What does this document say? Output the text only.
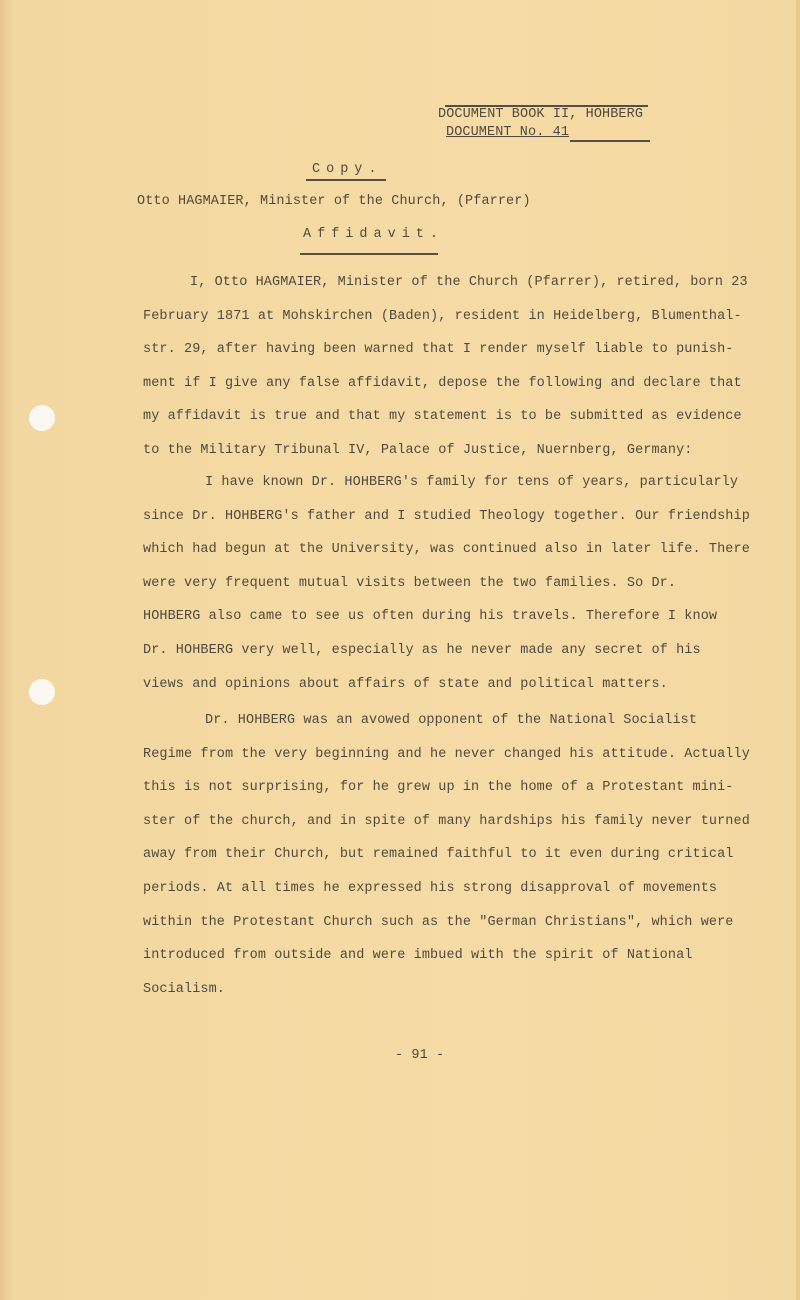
DOCUMENT BOOK II, HOHBERG
DOCUMENT No. 41
Copy.
Otto HAGMAIER, Minister of the Church, (Pfarrer)
Affidavit.
I, Otto HAGMAIER, Minister of the Church (Pfarrer), retired, born 23
February 1871 at Mohskirchen (Baden), resident in Heidelberg, Blumenthal-
str. 29, after having been warned that I render myself liable to punish-
ment if I give any false affidavit, depose the following and declare that
my affidavit is true and that my statement is to be submitted as evidence
to the Military Tribunal IV, Palace of Justice, Nuernberg, Germany:
I have known Dr. HOHBERG's family for tens of years, particularly
since Dr. HOHBERG's father and I studied Theology together. Our friendship
which had begun at the University, was continued also in later life. There
were very frequent mutual visits between the two families. So Dr.
HOHBERG also came to see us often during his travels. Therefore I know
Dr. HOHBERG very well, especially as he never made any secret of his
views and opinions about affairs of state and political matters.
Dr. HOHBERG was an avowed opponent of the National Socialist
Regime from the very beginning and he never changed his attitude. Actually
this is not surprising, for he grew up in the home of a Protestant mini-
ster of the church, and in spite of many hardships his family never turned
away from their Church, but remained faithful to it even during critical
periods. At all times he expressed his strong disapproval of movements
within the Protestant Church such as the "German Christians", which were
introduced from outside and were imbued with the spirit of National
Socialism.
- 91 -
